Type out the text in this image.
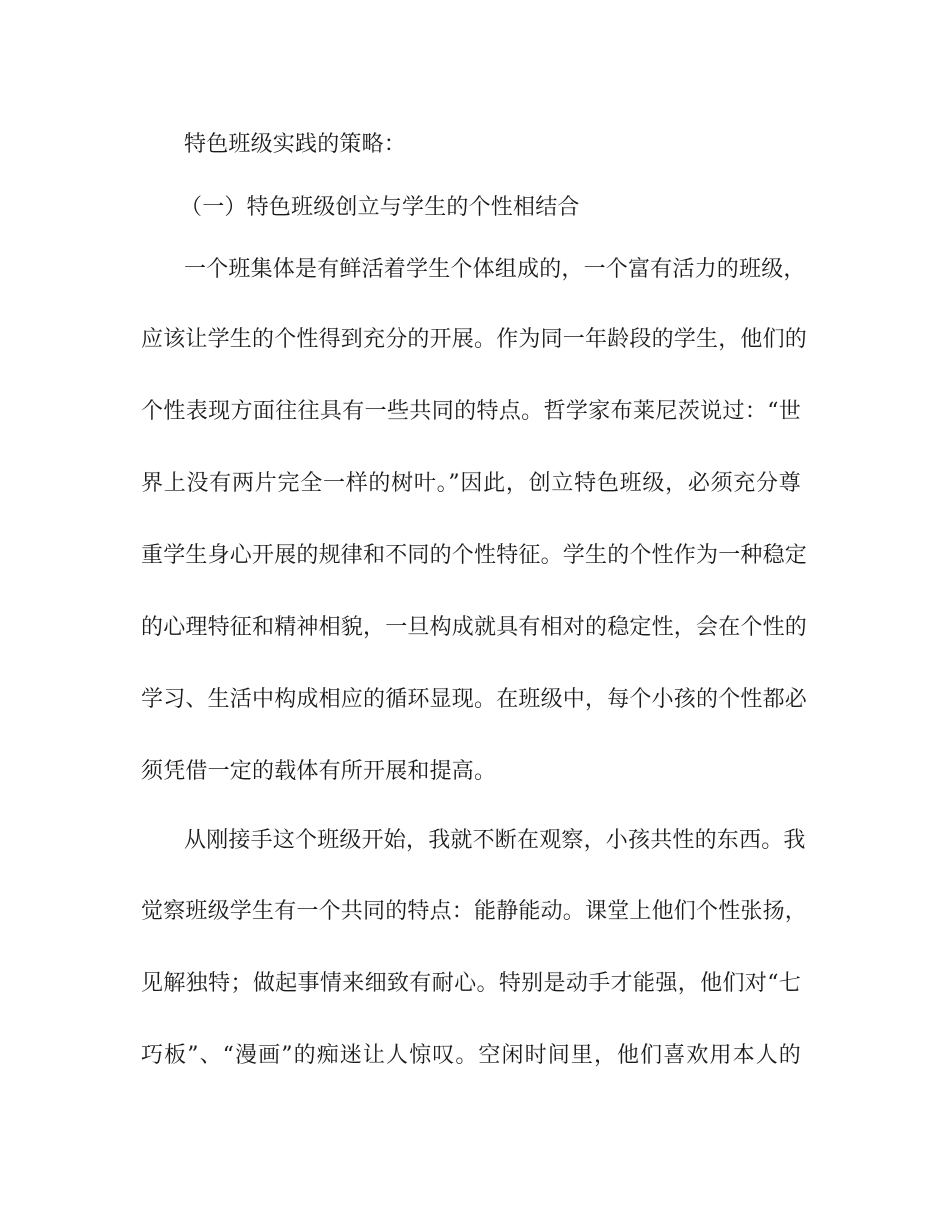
特色班级实践的策略：
（一）特色班级创立与学生的个性相结合
一个班集体是有鲜活着学生个体组成的，一个富有活力的班级，
应该让学生的个性得到充分的开展。作为同一年龄段的学生，他们的
个性表现方面往往具有一些共同的特点。哲学家布莱尼茨说过：“世
界上没有两片完全一样的树叶。”因此，创立特色班级，必须充分尊
重学生身心开展的规律和不同的个性特征。学生的个性作为一种稳定
的心理特征和精神相貌，一旦构成就具有相对的稳定性，会在个性的
学习、生活中构成相应的循环显现。在班级中，每个小孩的个性都必
须凭借一定的载体有所开展和提高。
从刚接手这个班级开始，我就不断在观察，小孩共性的东西。我
觉察班级学生有一个共同的特点：能静能动。课堂上他们个性张扬，
见解独特；做起事情来细致有耐心。特别是动手才能强，他们对“七
巧板”、“漫画”的痴迷让人惊叹。空闲时间里，他们喜欢用本人的
